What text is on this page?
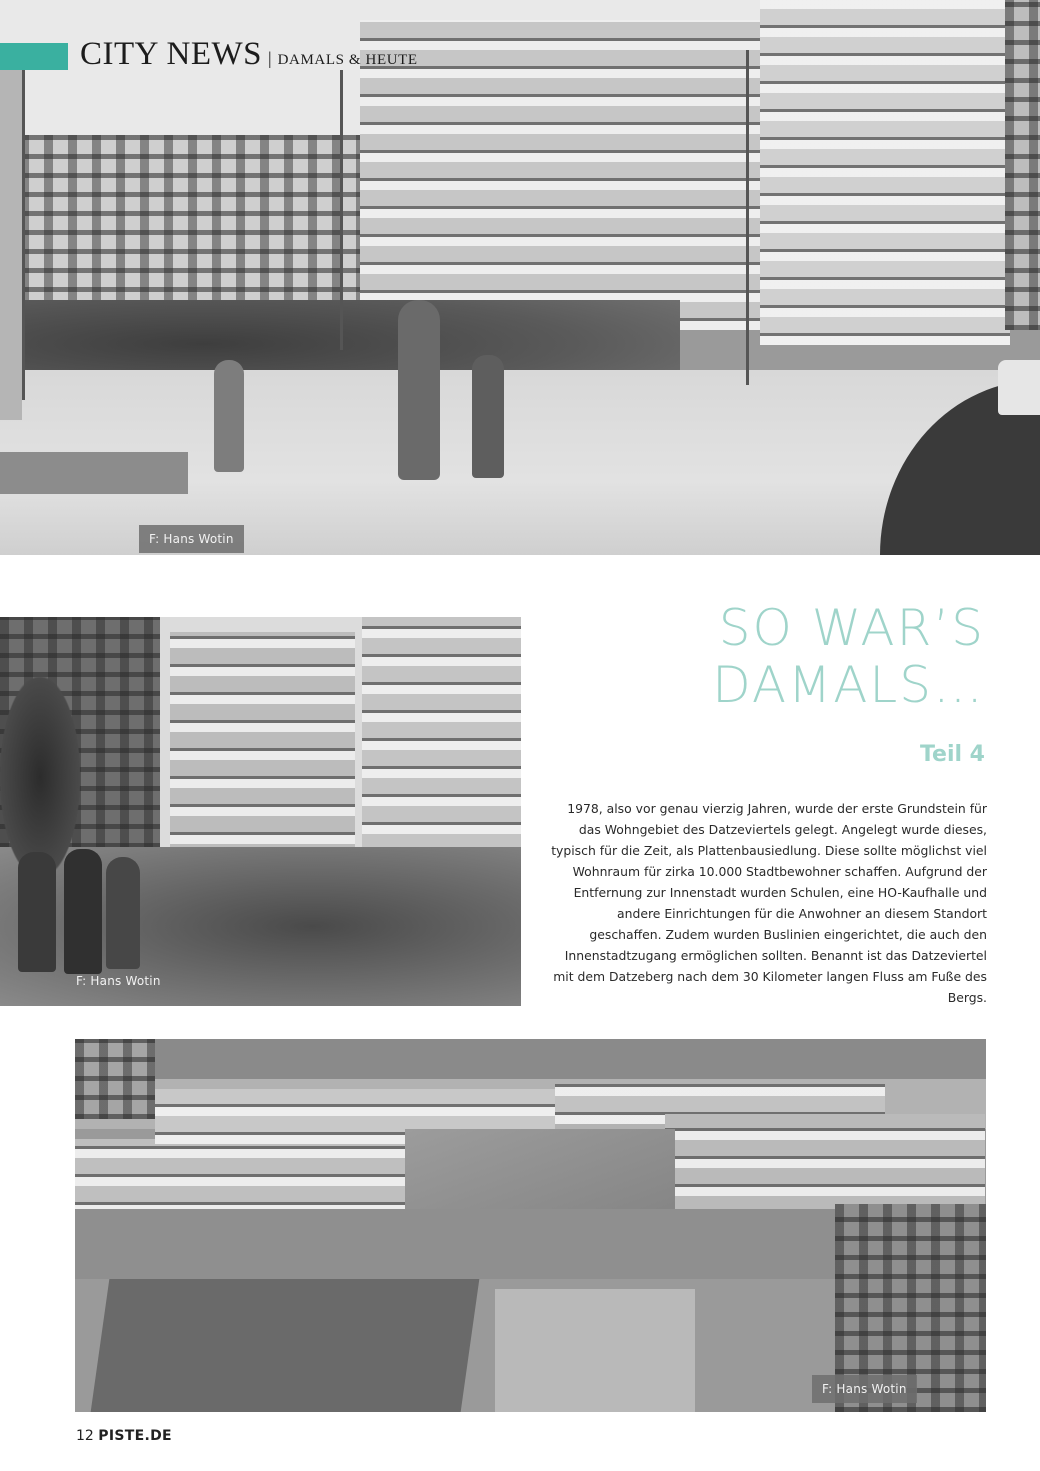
F: Hans Wotin
CITY NEWS | DAMALS & HEUTE
F: Hans Wotin
SO WAR’S
DAMALS…
Teil 4
1978, also vor genau vierzig Jahren, wurde der erste Grundstein für das Wohngebiet des Datzeviertels gelegt. Angelegt wurde dieses, typisch für die Zeit, als Plattenbausiedlung. Diese sollte möglichst viel Wohnraum für zirka 10.000 Stadtbewohner schaffen. Aufgrund der Entfernung zur Innenstadt wurden Schulen, eine HO-Kaufhalle und andere Einrichtungen für die Anwohner an diesem Standort geschaffen. Zudem wurden Buslinien eingerichtet, die auch den Innenstadtzugang ermöglichen sollten. Benannt ist das Datzeviertel mit dem Datzeberg nach dem 30 Kilometer langen Fluss am Fuße des Bergs.
F: Hans Wotin
12 PISTE.DE
